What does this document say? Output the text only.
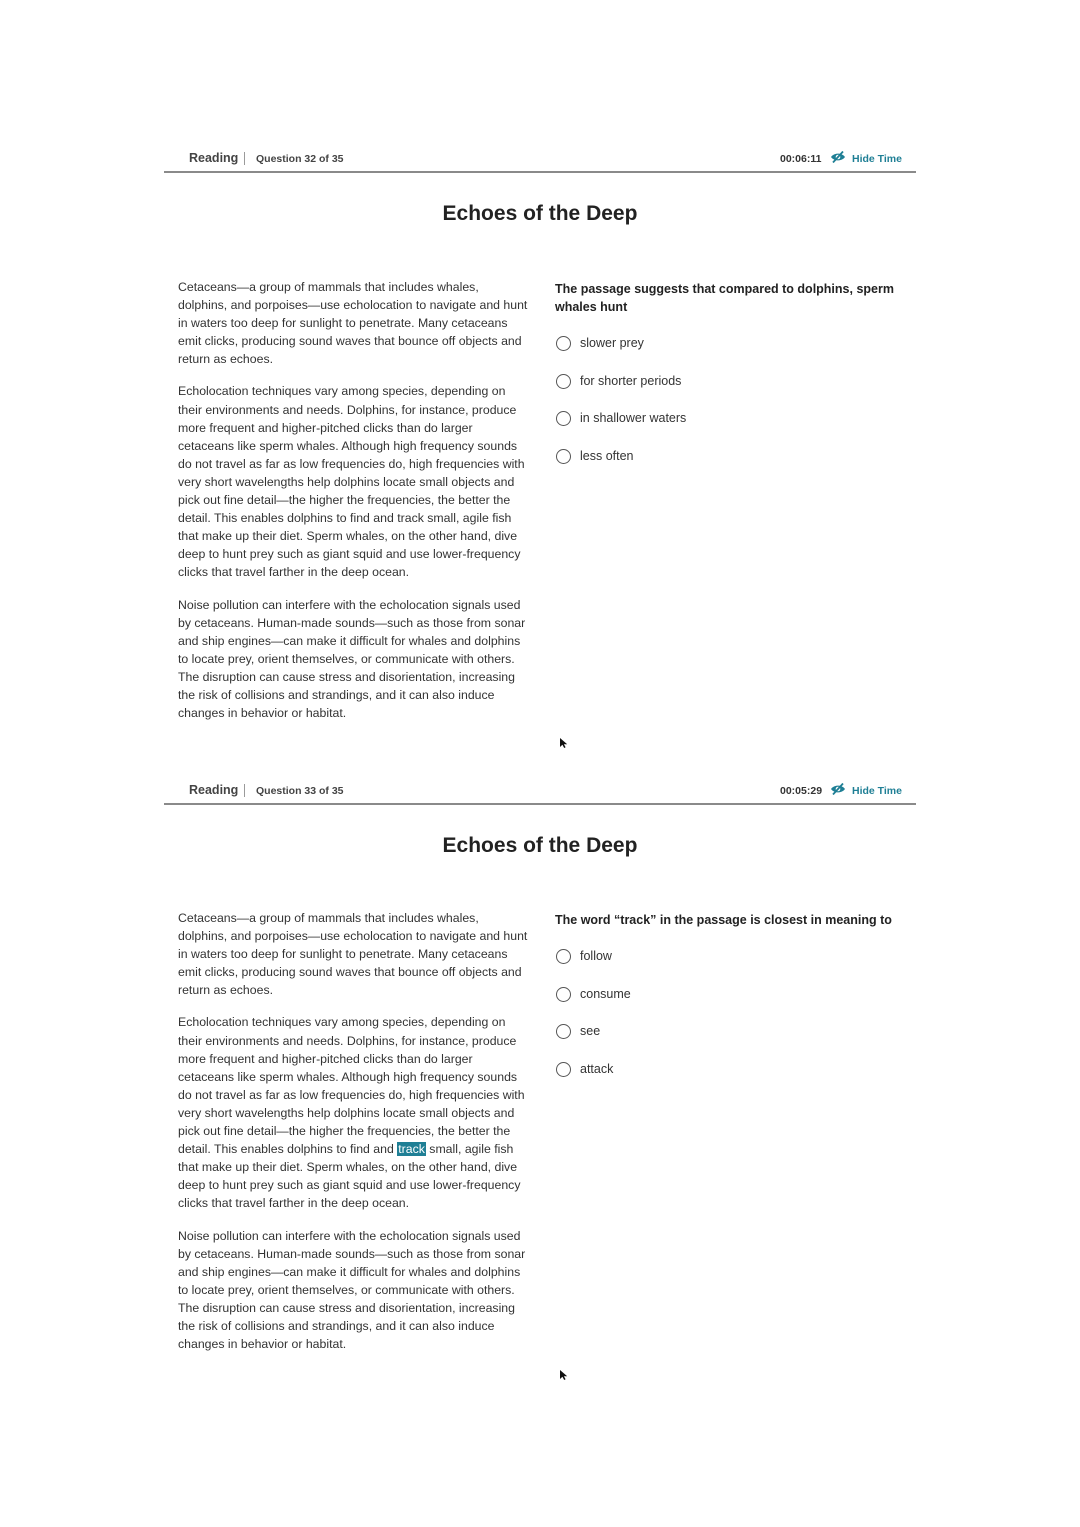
Reading Question 32 of 35	00:06:11	Hide Time
Echoes of the Deep

Cetaceans—a group of mammals that includes whales, dolphins, and porpoises—use echolocation to navigate and hunt in waters too deep for sunlight to penetrate. Many cetaceans emit clicks, producing sound waves that bounce off objects and return as echoes.

Echolocation techniques vary among species, depending on their environments and needs. Dolphins, for instance, produce more frequent and higher-pitched clicks than do larger cetaceans like sperm whales. Although high frequency sounds do not travel as far as low frequencies do, high frequencies with very short wavelengths help dolphins locate small objects and pick out fine detail—the higher the frequencies, the better the detail. This enables dolphins to find and track small, agile fish that make up their diet. Sperm whales, on the other hand, dive deep to hunt prey such as giant squid and use lower-frequency clicks that travel farther in the deep ocean.

Noise pollution can interfere with the echolocation signals used by cetaceans. Human-made sounds—such as those from sonar and ship engines—can make it difficult for whales and dolphins to locate prey, orient themselves, or communicate with others. The disruption can cause stress and disorientation, increasing the risk of collisions and strandings, and it can also induce changes in behavior or habitat.

The passage suggests that compared to dolphins, sperm whales hunt
slower prey
for shorter periods
in shallower waters
less often
Reading Question 33 of 35	00:05:29	Hide Time
Echoes of the Deep

Cetaceans—a group of mammals that includes whales, dolphins, and porpoises—use echolocation to navigate and hunt in waters too deep for sunlight to penetrate. Many cetaceans emit clicks, producing sound waves that bounce off objects and return as echoes.

Echolocation techniques vary among species, depending on their environments and needs. Dolphins, for instance, produce more frequent and higher-pitched clicks than do larger cetaceans like sperm whales. Although high frequency sounds do not travel as far as low frequencies do, high frequencies with very short wavelengths help dolphins locate small objects and pick out fine detail—the higher the frequencies, the better the detail. This enables dolphins to find and track small, agile fish that make up their diet. Sperm whales, on the other hand, dive deep to hunt prey such as giant squid and use lower-frequency clicks that travel farther in the deep ocean.

Noise pollution can interfere with the echolocation signals used by cetaceans. Human-made sounds—such as those from sonar and ship engines—can make it difficult for whales and dolphins to locate prey, orient themselves, or communicate with others. The disruption can cause stress and disorientation, increasing the risk of collisions and strandings, and it can also induce changes in behavior or habitat.

The word “track” in the passage is closest in meaning to
follow
consume
see
attack
